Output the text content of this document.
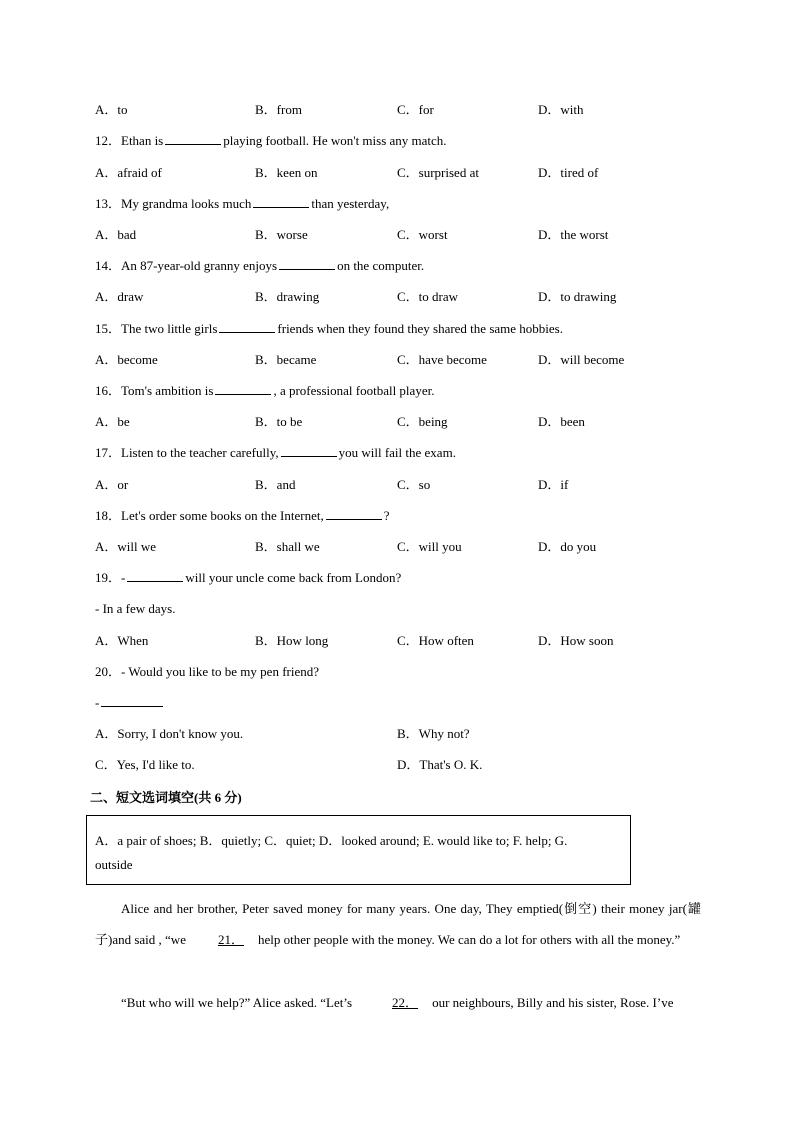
A．to	B．from	C．for	D．with
12．Ethan is	playing football. He won't miss any match.
A．afraid of	B．keen on	C．surprised at	D．tired of
13．My grandma looks much	than yesterday,
A．bad	B．worse	C．worst	D．the worst
14．An 87-year-old granny enjoys	on the computer.
A．draw	B．drawing	C．to draw	D．to drawing
15．The two little girls	friends when they found they shared the same hobbies.
A．become	B．became	C．have become	D．will become
16．Tom's ambition is	, a professional football player.
A．be	B．to be	C．being	D．been
17．Listen to the teacher carefully,	you will fail the exam.
A．or	B．and	C．so	D．if
18．Let's order some books on the Internet,	?
A．will we	B．shall we	C．will you	D．do you
19．-	will your uncle come back from London?
- In a few days.
A．When	B．How long	C．How often	D．How soon
20．- Would you like to be my pen friend?
-
A．Sorry, I don't know you.	B．Why not?
C．Yes, I'd like to.	D．That's O. K.
二、短文选词填空(共 6 分)
A．a pair of shoes; B．quietly; C．quiet; D．looked around; E. would like to; F. help; G.
outside
Alice and her brother, Peter saved money for many years. One day, They emptied(倒空) their money jar(罐子)and said , “we 21． help other people with the money. We can do a lot for others with all the money.”
“But who will we help?” Alice asked. “Let’s	22． our neighbours, Billy and his sister, Rose. I’ve
